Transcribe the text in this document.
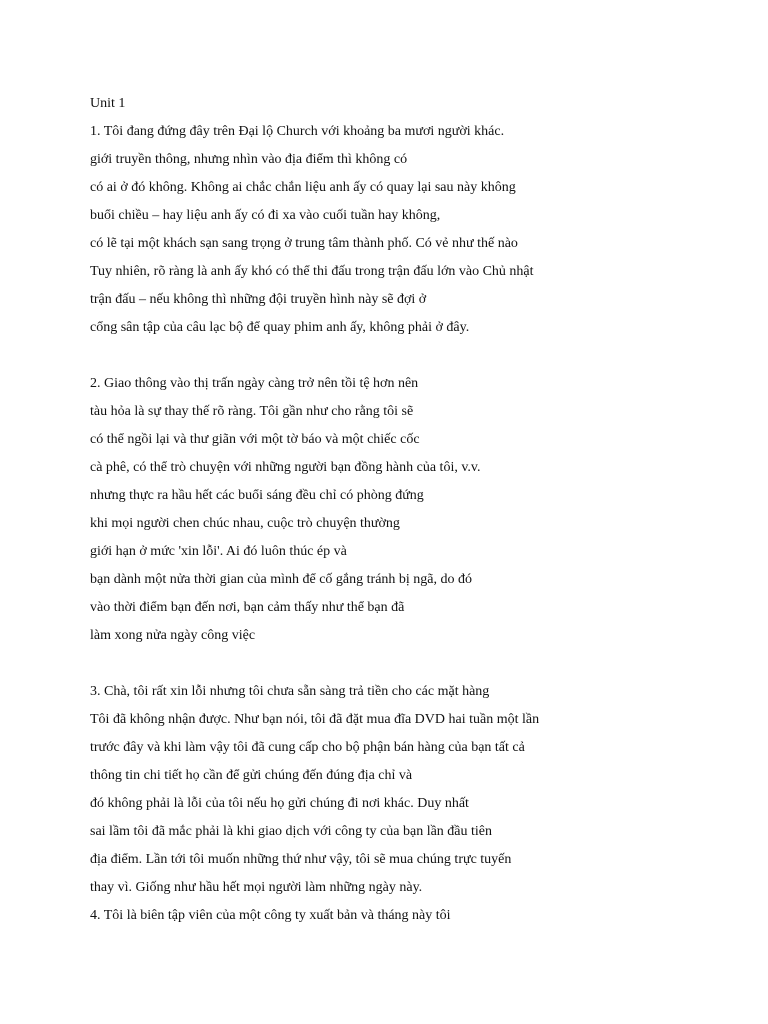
Unit 1
1. Tôi đang đứng đây trên Đại lộ Church với khoảng ba mươi người khác.
giới truyền thông, nhưng nhìn vào địa điểm thì không có
có ai ở đó không. Không ai chắc chắn liệu anh ấy có quay lại sau này không
buổi chiều – hay liệu anh ấy có đi xa vào cuối tuần hay không,
có lẽ tại một khách sạn sang trọng ở trung tâm thành phố. Có vẻ như thế nào
Tuy nhiên, rõ ràng là anh ấy khó có thể thi đấu trong trận đấu lớn vào Chủ nhật
trận đấu – nếu không thì những đội truyền hình này sẽ đợi ở
cổng sân tập của câu lạc bộ để quay phim anh ấy, không phải ở đây.
2. Giao thông vào thị trấn ngày càng trở nên tồi tệ hơn nên
tàu hỏa là sự thay thế rõ ràng. Tôi gần như cho rằng tôi sẽ
có thể ngồi lại và thư giãn với một tờ báo và một chiếc cốc
cà phê, có thể trò chuyện với những người bạn đồng hành của tôi, v.v.
nhưng thực ra hầu hết các buổi sáng đều chỉ có phòng đứng
khi mọi người chen chúc nhau, cuộc trò chuyện thường
giới hạn ở mức 'xin lỗi'. Ai đó luôn thúc ép và
bạn dành một nửa thời gian của mình để cố gắng tránh bị ngã, do đó
vào thời điểm bạn đến nơi, bạn cảm thấy như thể bạn đã
làm xong nửa ngày công việc
3. Chà, tôi rất xin lỗi nhưng tôi chưa sẵn sàng trả tiền cho các mặt hàng
Tôi đã không nhận được. Như bạn nói, tôi đã đặt mua đĩa DVD hai tuần một lần
trước đây và khi làm vậy tôi đã cung cấp cho bộ phận bán hàng của bạn tất cả
thông tin chi tiết họ cần để gửi chúng đến đúng địa chỉ và
đó không phải là lỗi của tôi nếu họ gửi chúng đi nơi khác. Duy nhất
sai lầm tôi đã mắc phải là khi giao dịch với công ty của bạn lần đầu tiên
địa điểm. Lần tới tôi muốn những thứ như vậy, tôi sẽ mua chúng trực tuyến
thay vì. Giống như hầu hết mọi người làm những ngày này.
4. Tôi là biên tập viên của một công ty xuất bản và tháng này tôi
